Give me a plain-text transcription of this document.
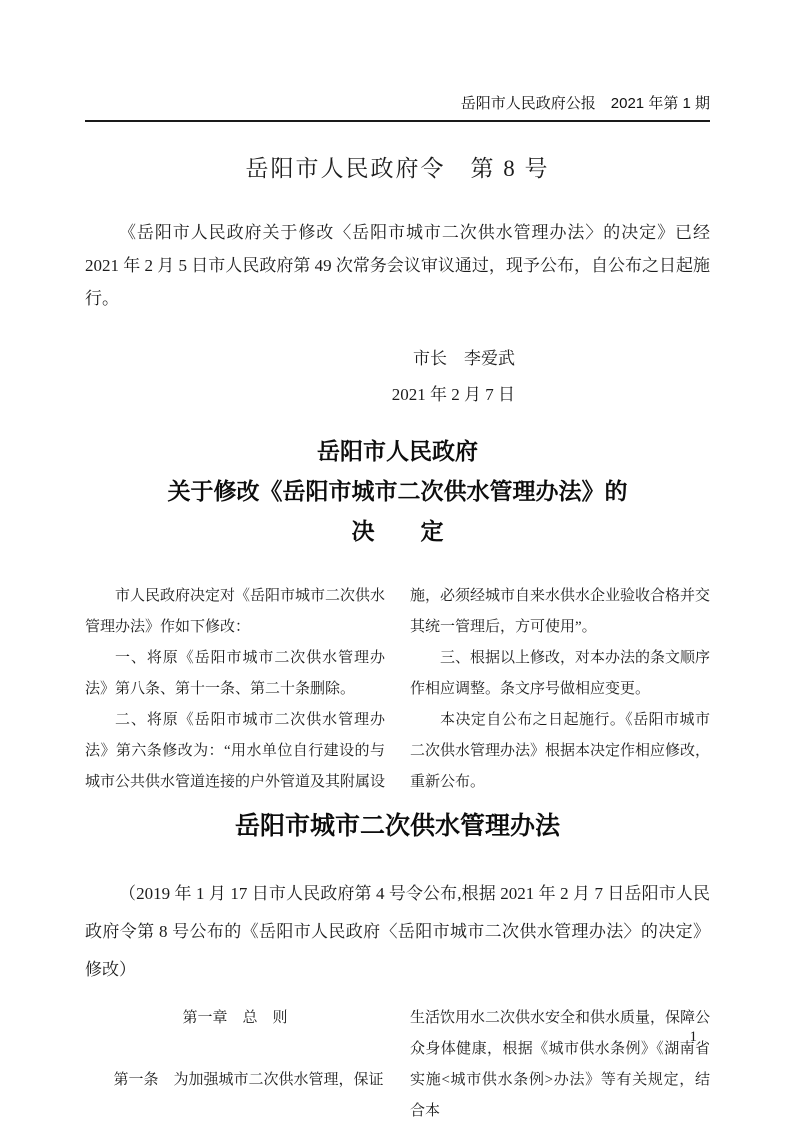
岳阳市人民政府公报　2021 年第 1 期
岳阳市人民政府令　第 8 号

《岳阳市人民政府关于修改〈岳阳市城市二次供水管理办法〉的决定》已经 2021 年 2 月 5 日市人民政府第 49 次常务会议审议通过，现予公布，自公布之日起施行。

市长　李爱武
2021 年 2 月 7 日
岳阳市人民政府
关于修改《岳阳市城市二次供水管理办法》的
决　　定

市人民政府决定对《岳阳市城市二次供水管理办法》作如下修改：

一、将原《岳阳市城市二次供水管理办法》第八条、第十一条、第二十条删除。

二、将原《岳阳市城市二次供水管理办法》第六条修改为：“用水单位自行建设的与城市公共供水管道连接的户外管道及其附属设施，必须经城市自来水供水企业验收合格并交其统一管理后，方可使用”。

三、根据以上修改，对本办法的条文顺序作相应调整。条文序号做相应变更。

本决定自公布之日起施行。《岳阳市城市二次供水管理办法》根据本决定作相应修改，重新公布。

岳阳市城市二次供水管理办法

（2019 年 1 月 17 日市人民政府第 4 号令公布,根据 2021 年 2 月 7 日岳阳市人民政府令第 8 号公布的《岳阳市人民政府〈岳阳市城市二次供水管理办法〉的决定》修改）

第一章　总　则

第一条　为加强城市二次供水管理，保证

生活饮用水二次供水安全和供水质量，保障公众身体健康，根据《城市供水条例》《湖南省实施<城市供水条例>办法》等有关规定，结合本

1
